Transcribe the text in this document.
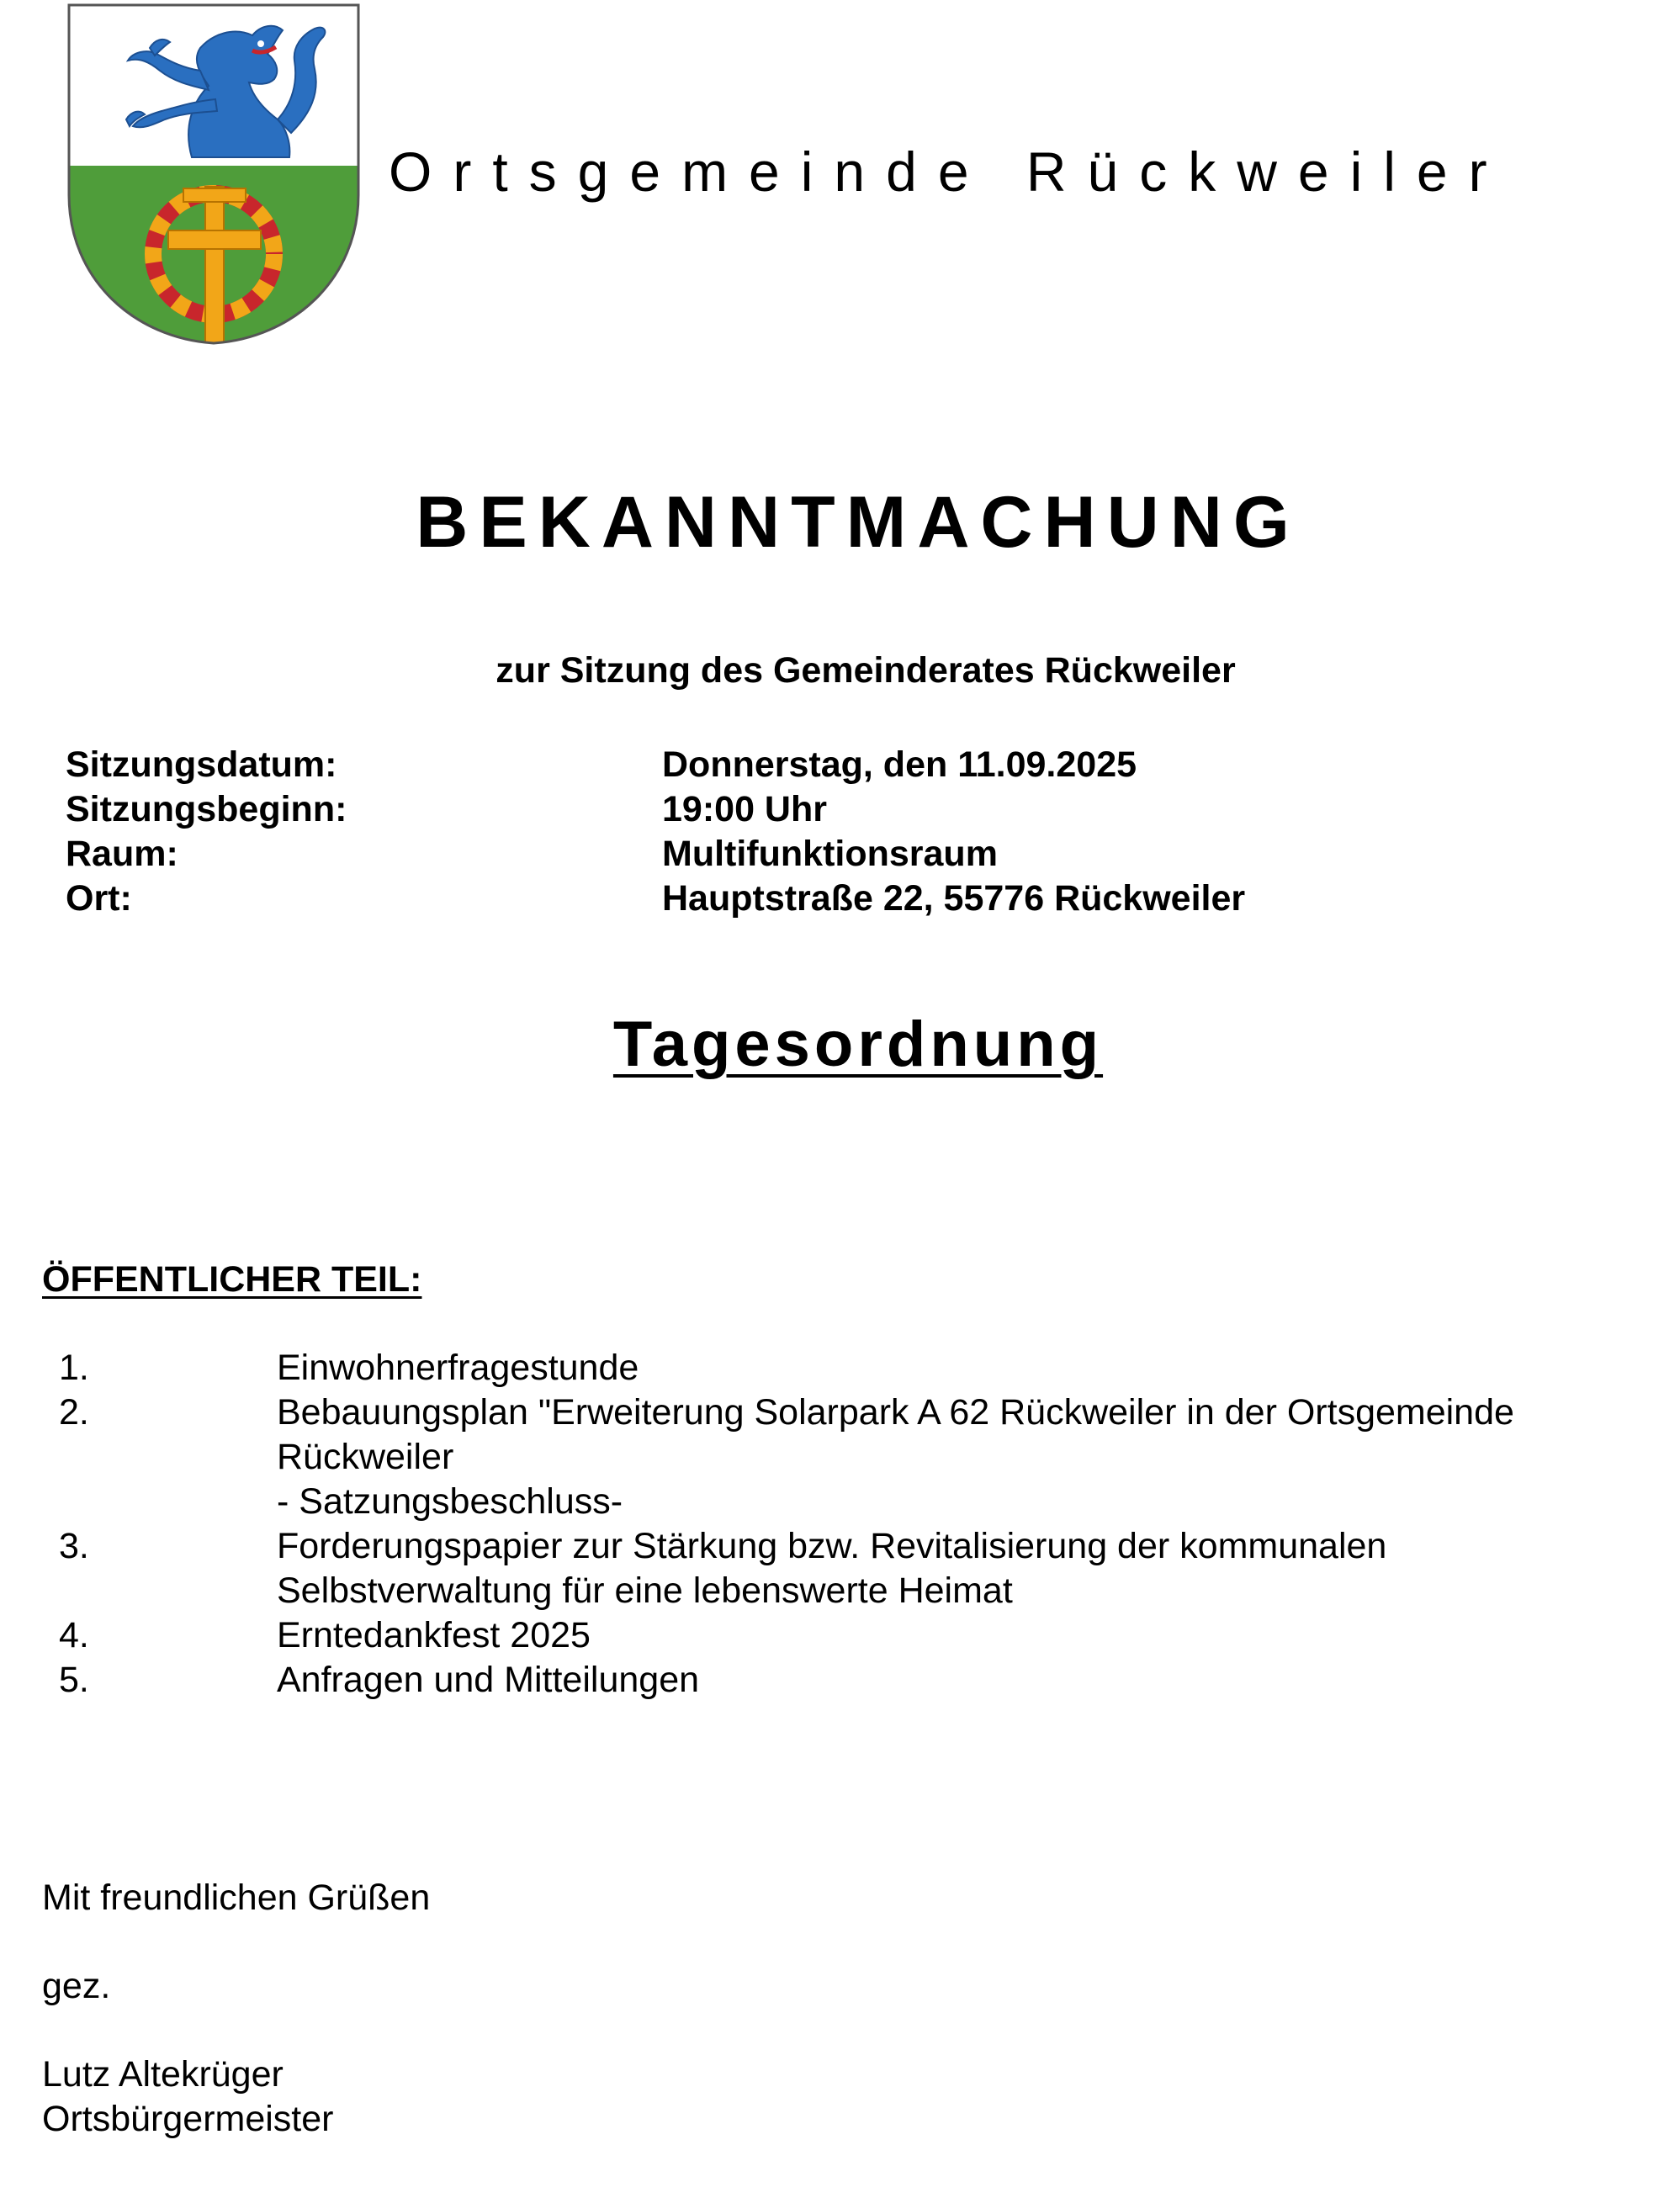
Ortsgemeinde Rückweiler
BEKANNTMACHUNG
zur Sitzung des Gemeinderates Rückweiler
Sitzungsdatum:	Donnerstag, den 11.09.2025
Sitzungsbeginn:	19:00 Uhr
Raum:	Multifunktionsraum
Ort:	Hauptstraße 22, 55776 Rückweiler
Tagesordnung
ÖFFENTLICHER TEIL:
1.	Einwohnerfragestunde
2.	Bebauungsplan "Erweiterung Solarpark A 62 Rückweiler in der Ortsgemeinde
Rückweiler
- Satzungsbeschluss-
3.	Forderungspapier zur Stärkung bzw. Revitalisierung der kommunalen
Selbstverwaltung für eine lebenswerte Heimat
4.	Erntedankfest 2025
5.	Anfragen und Mitteilungen
Mit freundlichen Grüßen
gez.
Lutz Altekrüger
Ortsbürgermeister
